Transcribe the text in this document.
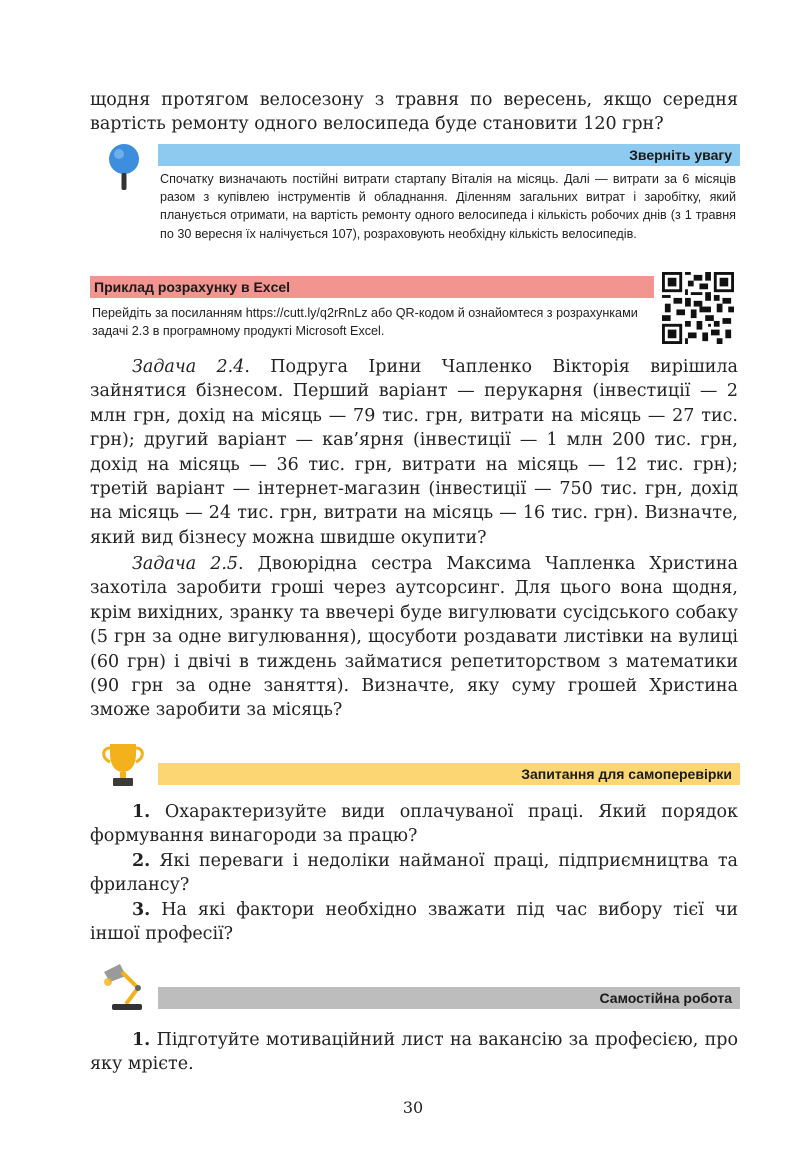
щодня протягом велосезону з травня по вересень, якщо середня вартість ремонту одного велосипеда буде становити 120 грн?
Зверніть увагу
Спочатку визначають постійні витрати стартапу Віталія на місяць. Далі — витрати за 6 місяців разом з купівлею інструментів й обладнання. Діленням загальних витрат і заробітку, який планується отримати, на вартість ремонту одного велосипеда і кількість робочих днів (з 1 травня по 30 вересня їх налічується 107), розраховують необхідну кількість велосипедів.
Приклад розрахунку в Excel
Перейдіть за посиланням https://cutt.ly/q2rRnLz або QR-кодом й ознайомтеся з розрахунками задачі 2.3 в програмному продукті Microsoft Excel.
Задача 2.4. Подруга Ірини Чапленко Вікторія вирішила зайнятися бізнесом. Перший варіант — перукарня (інвестиції — 2 млн грн, дохід на місяць — 79 тис. грн, витрати на місяць — 27 тис. грн); другий варіант — кав’ярня (інвестиції — 1 млн 200 тис. грн, дохід на місяць — 36 тис. грн, витрати на місяць — 12 тис. грн); третій варіант — інтернет-магазин (інвестиції — 750 тис. грн, дохід на місяць — 24 тис. грн, витрати на місяць — 16 тис. грн). Визначте, який вид бізнесу можна швидше окупити?
Задача 2.5. Двоюрідна сестра Максима Чапленка Христина захотіла заробити гроші через аутсорсинг. Для цього вона щодня, крім вихідних, зранку та ввечері буде вигулювати сусідського собаку (5 грн за одне вигулювання), щосуботи роздавати листівки на вулиці (60 грн) і двічі в тиждень займатися репетиторством з математики (90 грн за одне заняття). Визначте, яку суму грошей Христина зможе заробити за місяць?
Запитання для самоперевірки
1. Охарактеризуйте види оплачуваної праці. Який порядок формування винагороди за працю?
2. Які переваги і недоліки найманої праці, підприємництва та фрилансу?
3. На які фактори необхідно зважати під час вибору тієї чи іншої професії?
Самостійна робота
1. Підготуйте мотиваційний лист на вакансію за професією, про яку мрієте.
30
